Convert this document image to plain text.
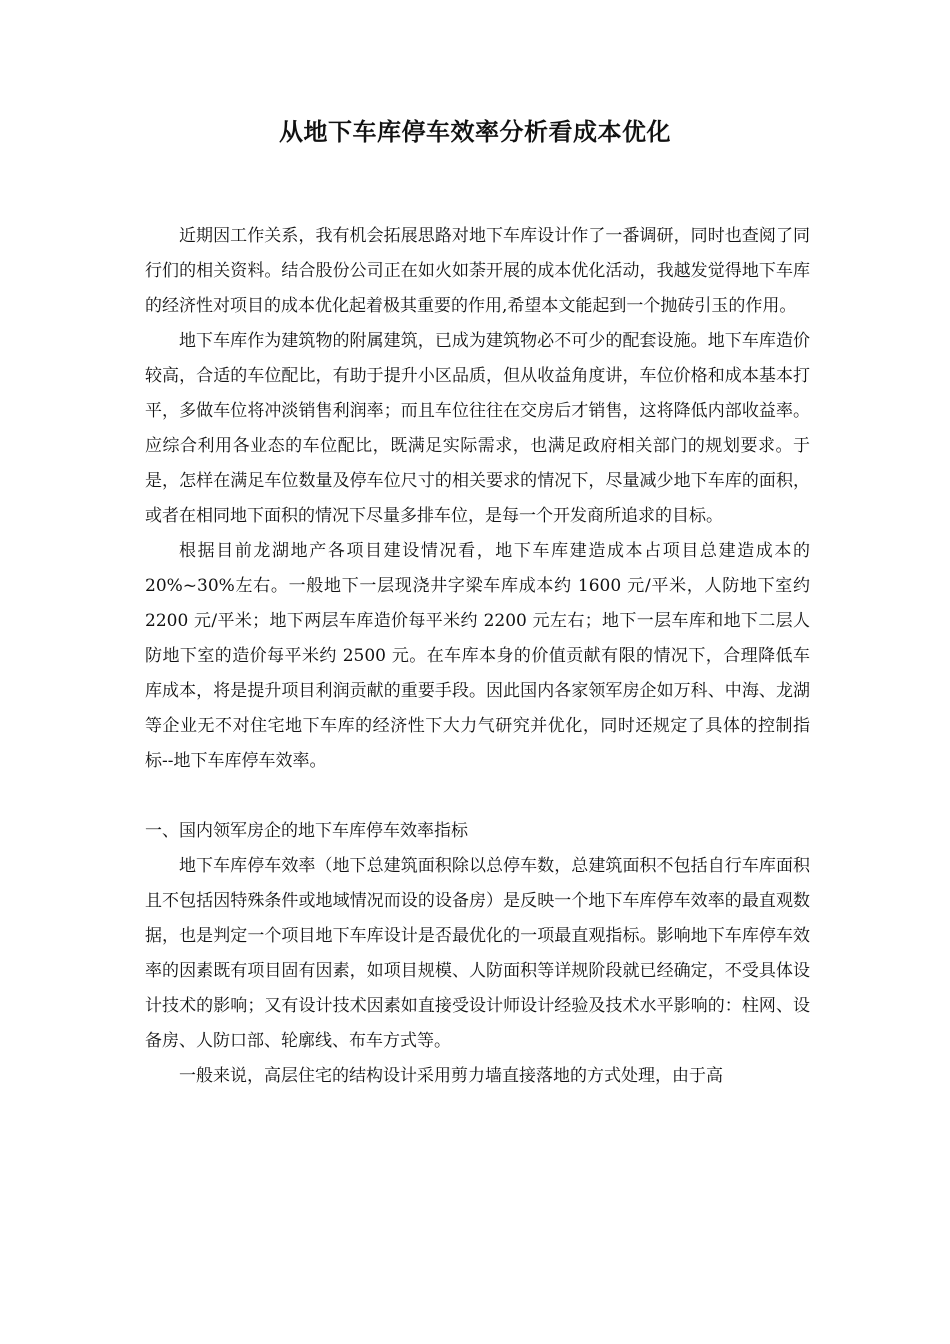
从地下车库停车效率分析看成本优化

近期因工作关系，我有机会拓展思路对地下车库设计作了一番调研，同时也查阅了同行们的相关资料。结合股份公司正在如火如荼开展的成本优化活动，我越发觉得地下车库的经济性对项目的成本优化起着极其重要的作用,希望本文能起到一个抛砖引玉的作用。

地下车库作为建筑物的附属建筑，已成为建筑物必不可少的配套设施。地下车库造价较高，合适的车位配比，有助于提升小区品质，但从收益角度讲，车位价格和成本基本打平，多做车位将冲淡销售利润率；而且车位往往在交房后才销售，这将降低内部收益率。应综合利用各业态的车位配比，既满足实际需求，也满足政府相关部门的规划要求。于是，怎样在满足车位数量及停车位尺寸的相关要求的情况下，尽量减少地下车库的面积，或者在相同地下面积的情况下尽量多排车位，是每一个开发商所追求的目标。

根据目前龙湖地产各项目建设情况看，地下车库建造成本占项目总建造成本的 20%~30%左右。一般地下一层现浇井字梁车库成本约 1600 元/平米，人防地下室约 2200 元/平米；地下两层车库造价每平米约 2200 元左右；地下一层车库和地下二层人防地下室的造价每平米约 2500 元。在车库本身的价值贡献有限的情况下，合理降低车库成本，将是提升项目利润贡献的重要手段。因此国内各家领军房企如万科、中海、龙湖等企业无不对住宅地下车库的经济性下大力气研究并优化，同时还规定了具体的控制指标--地下车库停车效率。

一、国内领军房企的地下车库停车效率指标

地下车库停车效率（地下总建筑面积除以总停车数，总建筑面积不包括自行车库面积且不包括因特殊条件或地域情况而设的设备房）是反映一个地下车库停车效率的最直观数据，也是判定一个项目地下车库设计是否最优化的一项最直观指标。影响地下车库停车效率的因素既有项目固有因素，如项目规模、人防面积等详规阶段就已经确定，不受具体设计技术的影响；又有设计技术因素如直接受设计师设计经验及技术水平影响的：柱网、设备房、人防口部、轮廓线、布车方式等。

一般来说，高层住宅的结构设计采用剪力墙直接落地的方式处理，由于高
